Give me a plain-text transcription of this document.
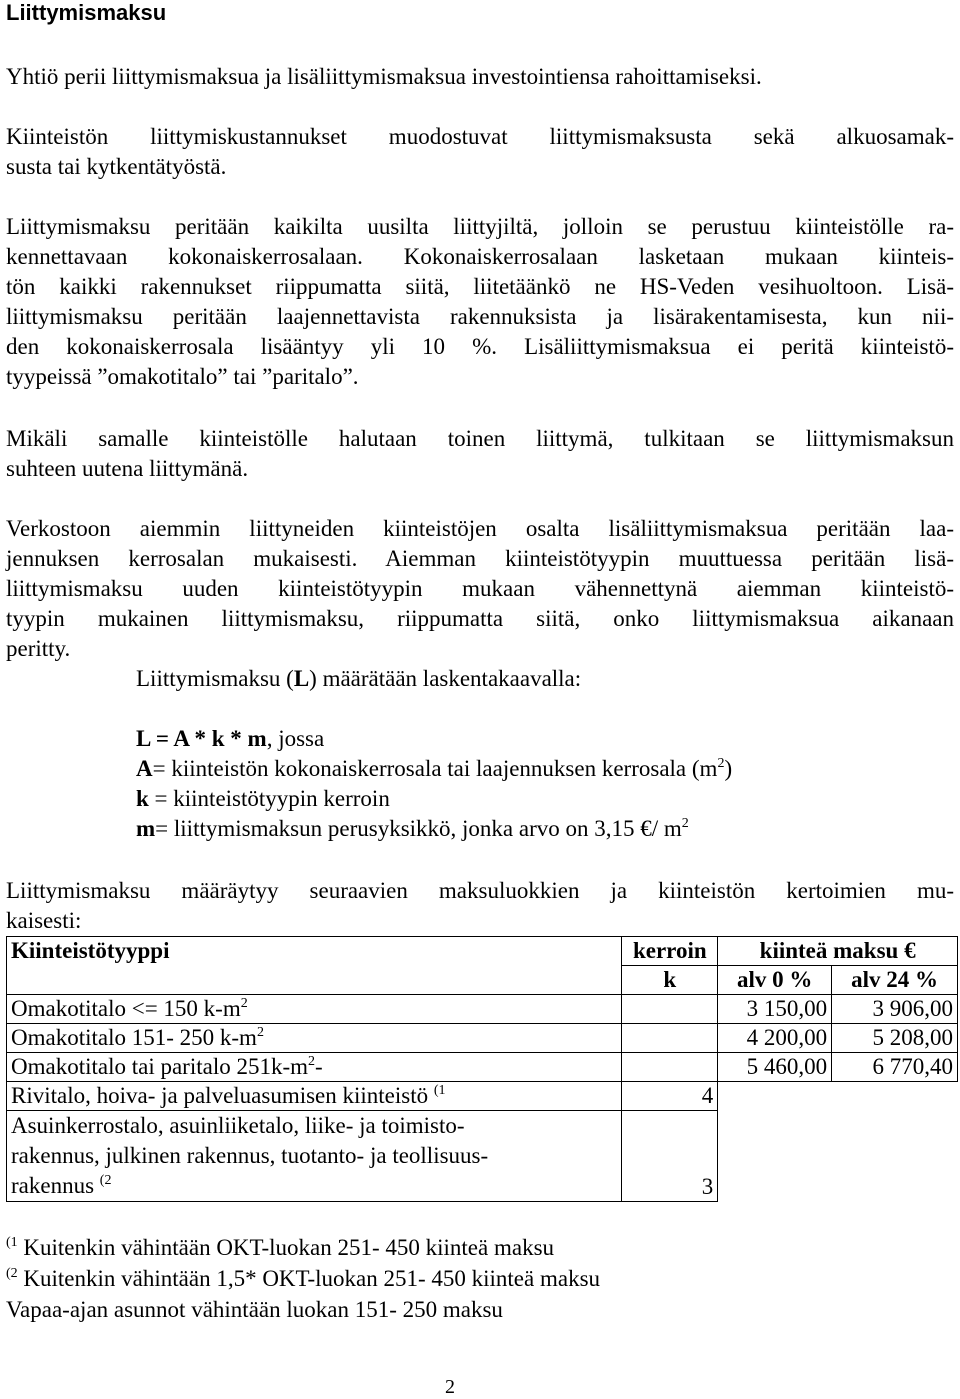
Liittymismaksu

Yhtiö perii liittymismaksua ja lisäliittymismaksua investointiensa rahoittamiseksi.

Kiinteistön liittymiskustannukset muodostuvat liittymismaksusta sekä alkuosamak-
susta tai kytkentätyöstä.

Liittymismaksu peritään kaikilta uusilta liittyjiltä, jolloin se perustuu kiinteistölle ra-
kennettavaan kokonaiskerrosalaan. Kokonaiskerrosalaan lasketaan mukaan kiinteis-
tön kaikki rakennukset riippumatta siitä, liitetäänkö ne HS-Veden vesihuoltoon. Lisä-
liittymismaksu peritään laajennettavista rakennuksista ja lisärakentamisesta, kun nii-
den kokonaiskerrosala lisääntyy yli 10 %. Lisäliittymismaksua ei peritä kiinteistö-
tyypeissä ”omakotitalo” tai ”paritalo”.

Mikäli samalle kiinteistölle halutaan toinen liittymä, tulkitaan se liittymismaksun
suhteen uutena liittymänä.

Verkostoon aiemmin liittyneiden kiinteistöjen osalta lisäliittymismaksua peritään laa-
jennuksen kerrosalan mukaisesti. Aiemman kiinteistötyypin muuttuessa peritään lisä-
liittymismaksu uuden kiinteistötyypin mukaan vähennettynä aiemman kiinteistö-
tyypin mukainen liittymismaksu, riippumatta siitä, onko liittymismaksua aikanaan
peritty.

Liittymismaksu (L) määrätään laskentakaavalla:
L = A * k * m, jossa
A= kiinteistön kokonaiskerrosala tai laajennuksen kerrosala $(m^2)$
k = kiinteistötyypin kerroin
m= liittymismaksun perusyksikkö, jonka arvo on 3,15 €/ $m^2$

Liittymismaksu määräytyy seuraavien maksuluokkien ja kiinteistön kertoimien mu-
kaisesti:

Kiinteistötyyppi	kerroin	kiinteä maksu €	
	k	alv 0 %	alv 24 %
Omakotitalo <= 150 $k-m^2$		3 150,00	3 906,00
Omakotitalo 151- 250 $k-m^2$		4 200,00	5 208,00
Omakotitalo tai paritalo $251k-m^2-$		5 460,00	6 770,40
Rivitalo, hoiva- ja palveluasumisen kiinteistö $^{(1}$	4		

Asuinkerrostalo, asuinliiketalo, liike- ja toimisto-
rakennus, julkinen rakennus, tuotanto- ja teollisuus-
rakennus $^{(2}$	3		
$^{(1}$ Kuitenkin vähintään OKT-luokan 251- 450 kiinteä maksu
$^{(2}$ Kuitenkin vähintään 1,5* OKT-luokan 251- 450 kiinteä maksu
Vapaa-ajan asunnot vähintään luokan 151- 250 maksu
2
